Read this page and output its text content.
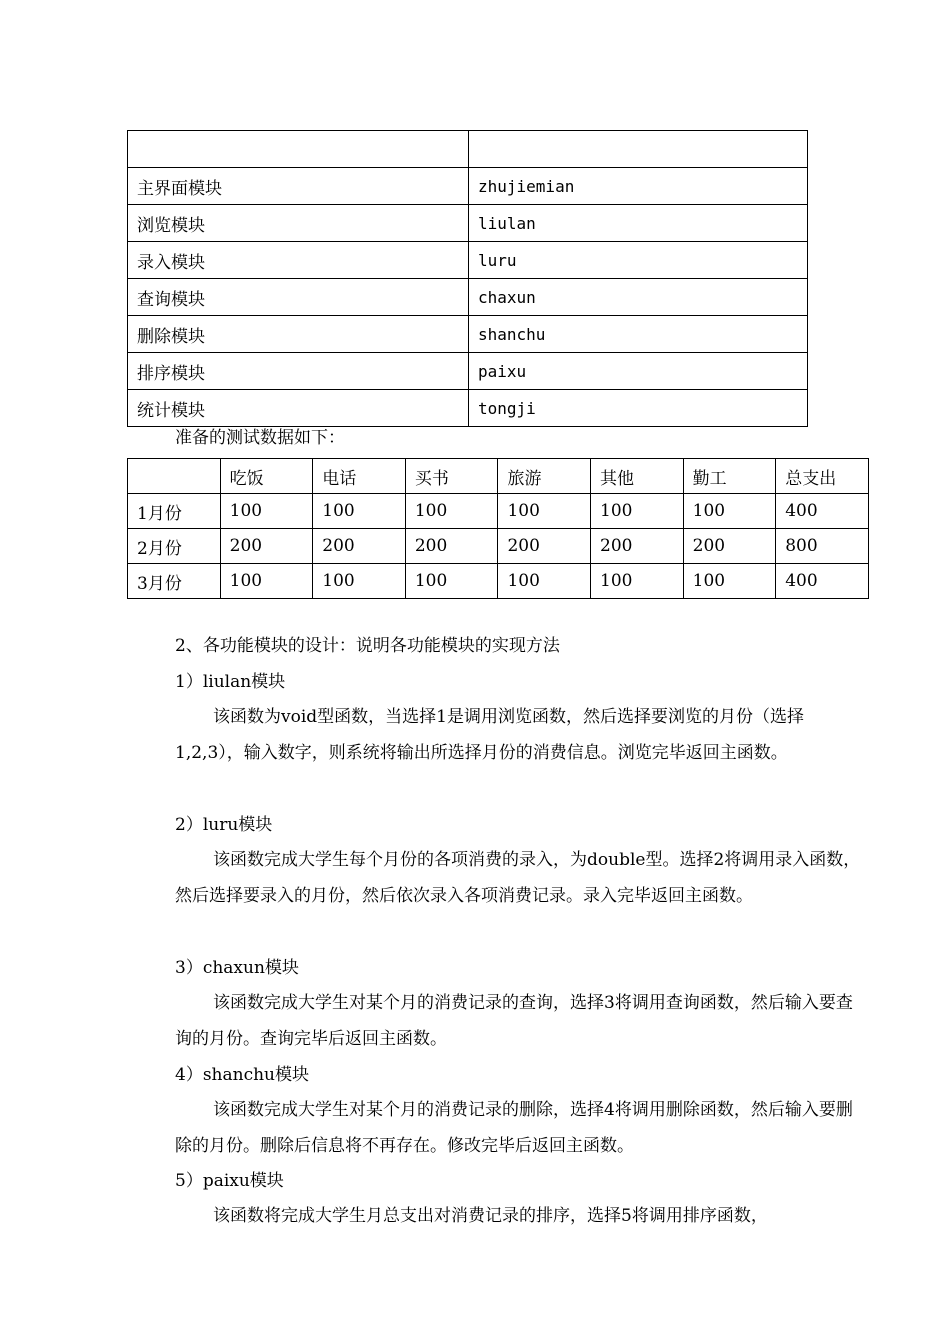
主界面模块	zhujiemian
浏览模块	liulan
录入模块	luru
查询模块	chaxun
删除模块	shanchu
排序模块	paixu
统计模块	tongji
准备的测试数据如下：
	吃饭	电话	买书	旅游	其他	勤工	总支出
1月份	100	100	100	100	100	100	400
2月份	200	200	200	200	200	200	800
3月份	100	100	100	100	100	100	400
2、各功能模块的设计：说明各功能模块的实现方法
1）liulan模块
该函数为void型函数，当选择1是调用浏览函数，然后选择要浏览的月份（选择1,2,3），输入数字，则系统将输出所选择月份的消费信息。浏览完毕返回主函数。
2）luru模块
该函数完成大学生每个月份的各项消费的录入，为double型。选择2将调用录入函数，然后选择要录入的月份，然后依次录入各项消费记录。录入完毕返回主函数。
3）chaxun模块
该函数完成大学生对某个月的消费记录的查询，选择3将调用查询函数，然后输入要查询的月份。查询完毕后返回主函数。
4）shanchu模块
该函数完成大学生对某个月的消费记录的删除，选择4将调用删除函数，然后输入要删除的月份。删除后信息将不再存在。修改完毕后返回主函数。
5）paixu模块
该函数将完成大学生月总支出对消费记录的排序，选择5将调用排序函数，
